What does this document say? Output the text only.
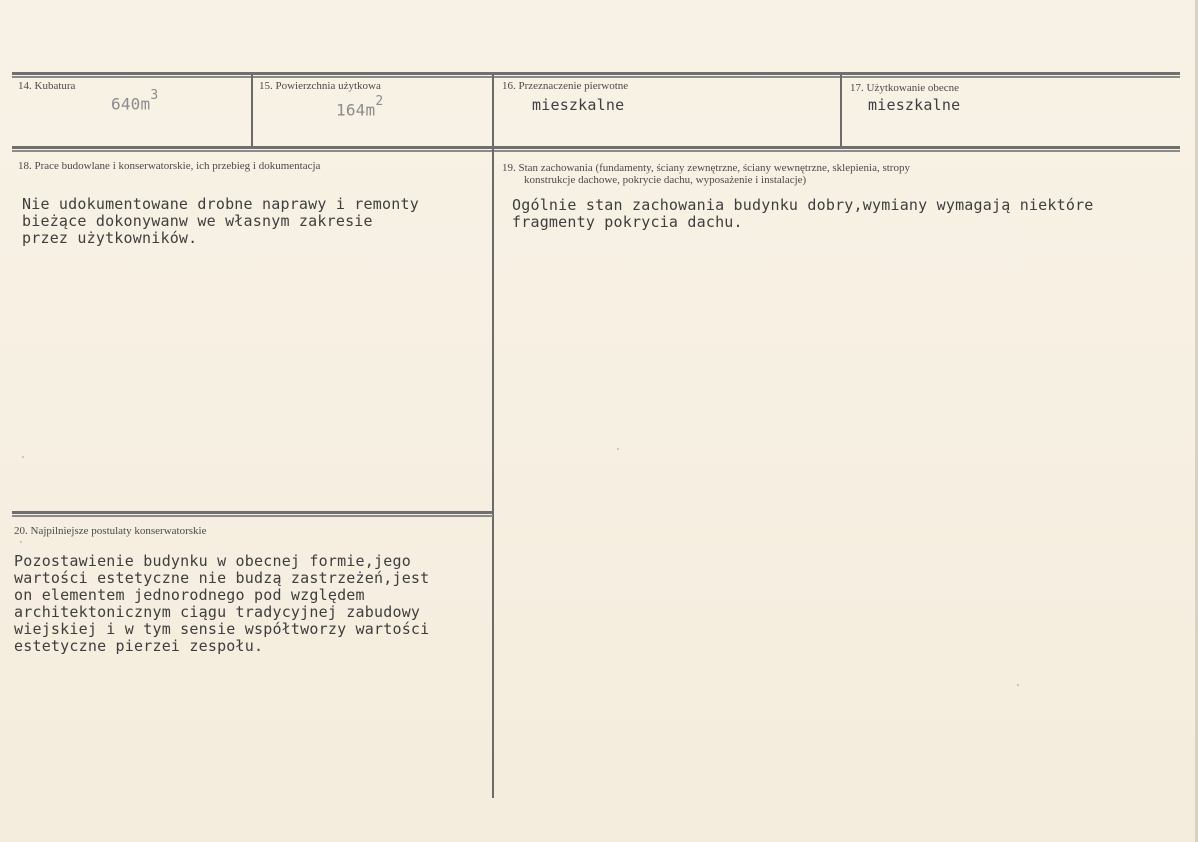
14. Kubatura
$640m^3$
15. Powierzchnia użytkowa
$164m^2$
16. Przeznaczenie pierwotne
mieszkalne
17. Użytkowanie obecne
mieszkalne
18. Prace budowlane i konserwatorskie, ich przebieg i dokumentacja
Nie udokumentowane drobne naprawy i remonty
bieżące dokonywanw we własnym zakresie
przez użytkowników.
19. Stan zachowania (fundamenty, ściany zewnętrzne, ściany wewnętrzne, sklepienia, stropy
konstrukcje dachowe, pokrycie dachu, wyposażenie i instalacje)
Ogólnie stan zachowania budynku dobry,wymiany wymagają niektóre
fragmenty pokrycia dachu.
20. Najpilniejsze postulaty konserwatorskie
Pozostawienie budynku w obecnej formie,jego
wartości estetyczne nie budzą zastrzeżeń,jest
on elementem jednorodnego pod względem
architektonicznym ciągu tradycyjnej zabudowy
wiejskiej i w tym sensie współtworzy wartości
estetyczne pierzei zespołu.
